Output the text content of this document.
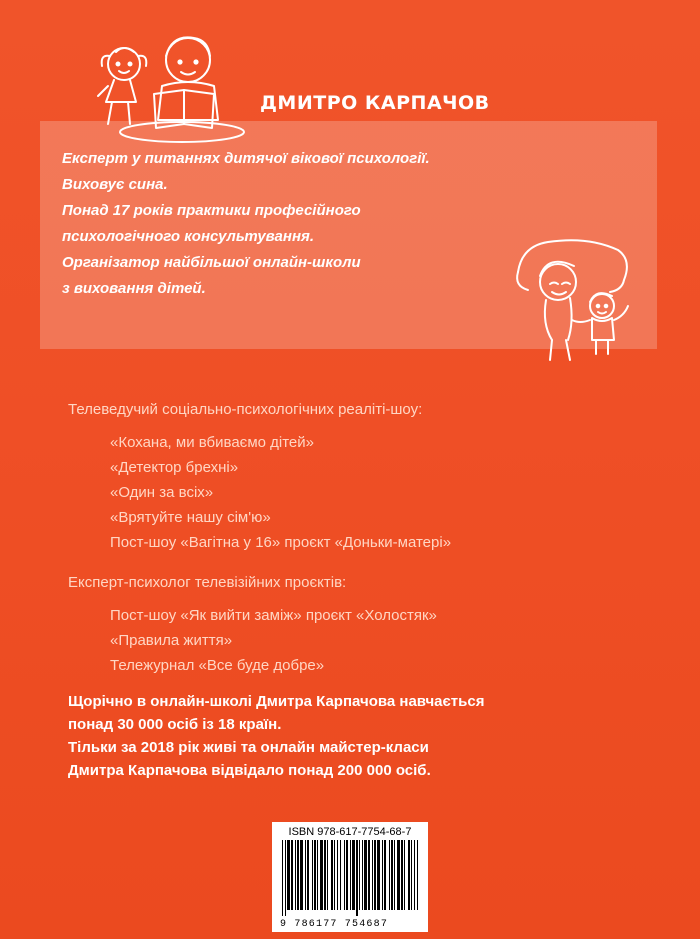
ДМИТРО КАРПАЧОВ
Експерт у питаннях дитячої вікової психології.
Виховує сина.
Понад 17 років практики професійного
психологічного консультування.
Організатор найбільшої онлайн-школи
з виховання дітей.
Телеведучий соціально-психологічних реаліті-шоу:
«Кохана, ми вбиваємо дітей»
«Детектор брехні»
«Один за всіх»
«Врятуйте нашу сім'ю»
Пост-шоу «Вагітна у 16» проєкт «Доньки-матері»
Експерт-психолог телевізійних проєктів:
Пост-шоу «Як вийти заміж» проєкт «Холостяк»
«Правила життя»
Тележурнал «Все буде добре»
Щорічно в онлайн-школі Дмитра Карпачова навчається
понад 30 000 осіб із 18 країн.
Тільки за 2018 рік живі та онлайн майстер-класи
Дмитра Карпачова відвідало понад 200 000 осіб.
ISBN 978-617-7754-68-7
9 786177 754687
